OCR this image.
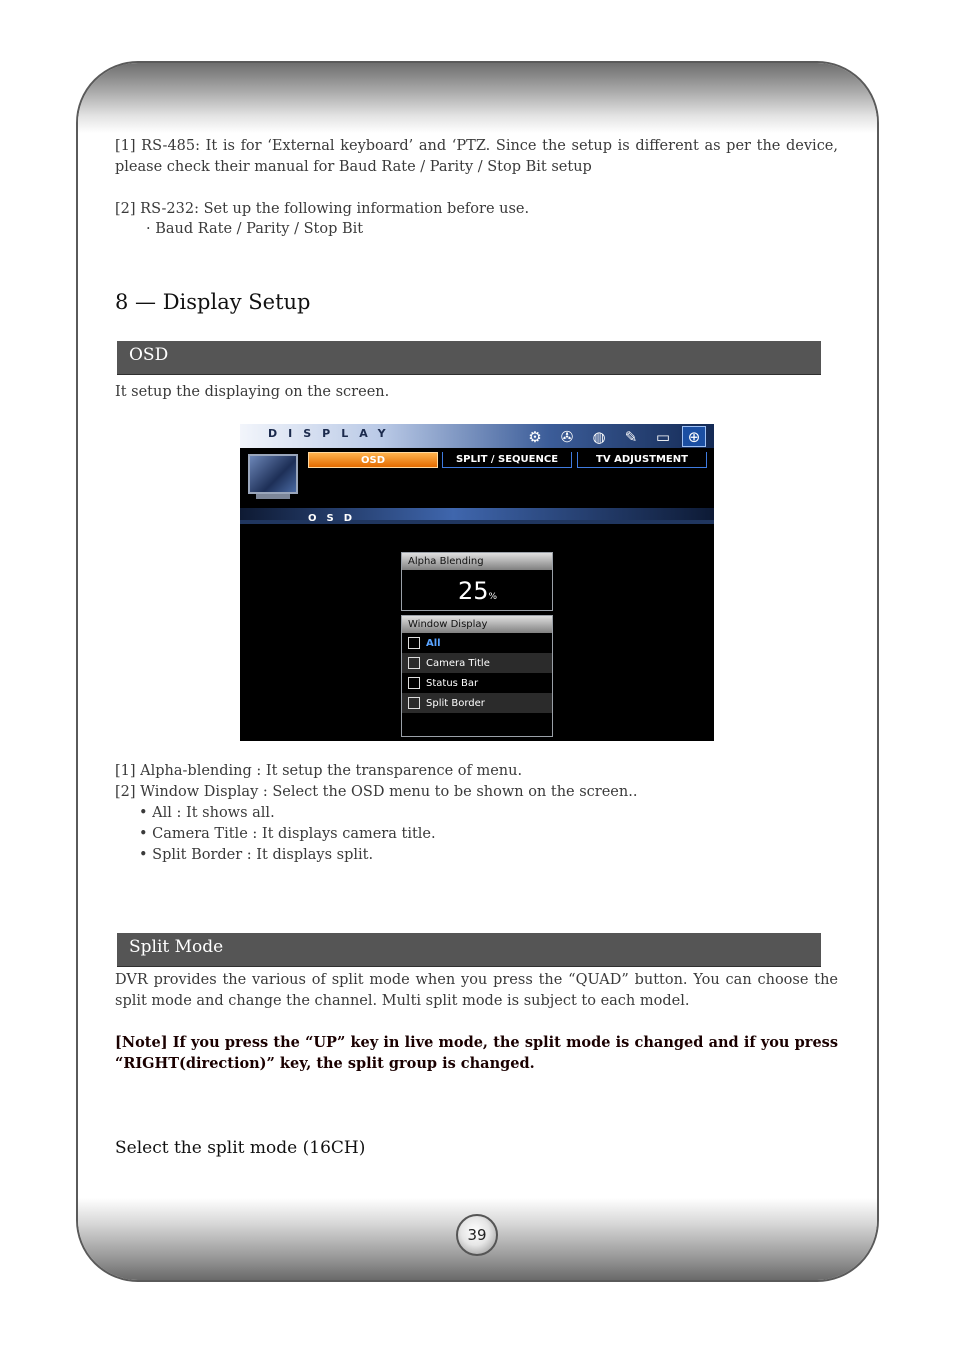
[1] RS-485: It is for ‘External keyboard’ and ‘PTZ. Since the setup is different as per the device, please check their manual for Baud Rate / Parity / Stop Bit setup

[2] RS-232: Set up the following information before use.

· Baud Rate / Parity / Stop Bit

8 — Display Setup
OSD

It setup the displaying on the screen.

DISPLAY	⚙	✇	◍	✎	▭	⊕
OSD	SPLIT / SEQUENCE	TV ADJUSTMENT
OSD
Alpha Blending
25%
Window Display
All
Camera Title
Status Bar
Split Border

[1] Alpha-blending : It setup the transparence of menu.

[2] Window Display : Select the OSD menu to be shown on the screen..

• All : It shows all.

• Camera Title : It displays camera title.

• Split Border : It displays split.

Split Mode

DVR provides the various of split mode when you press the “QUAD” button. You can choose the split mode and change the channel. Multi split mode is subject to each model.

[Note] If you press the “UP” key in live mode, the split mode is changed and if you press “RIGHT(direction)” key, the split group is changed.
Select the split mode (16CH)
39
